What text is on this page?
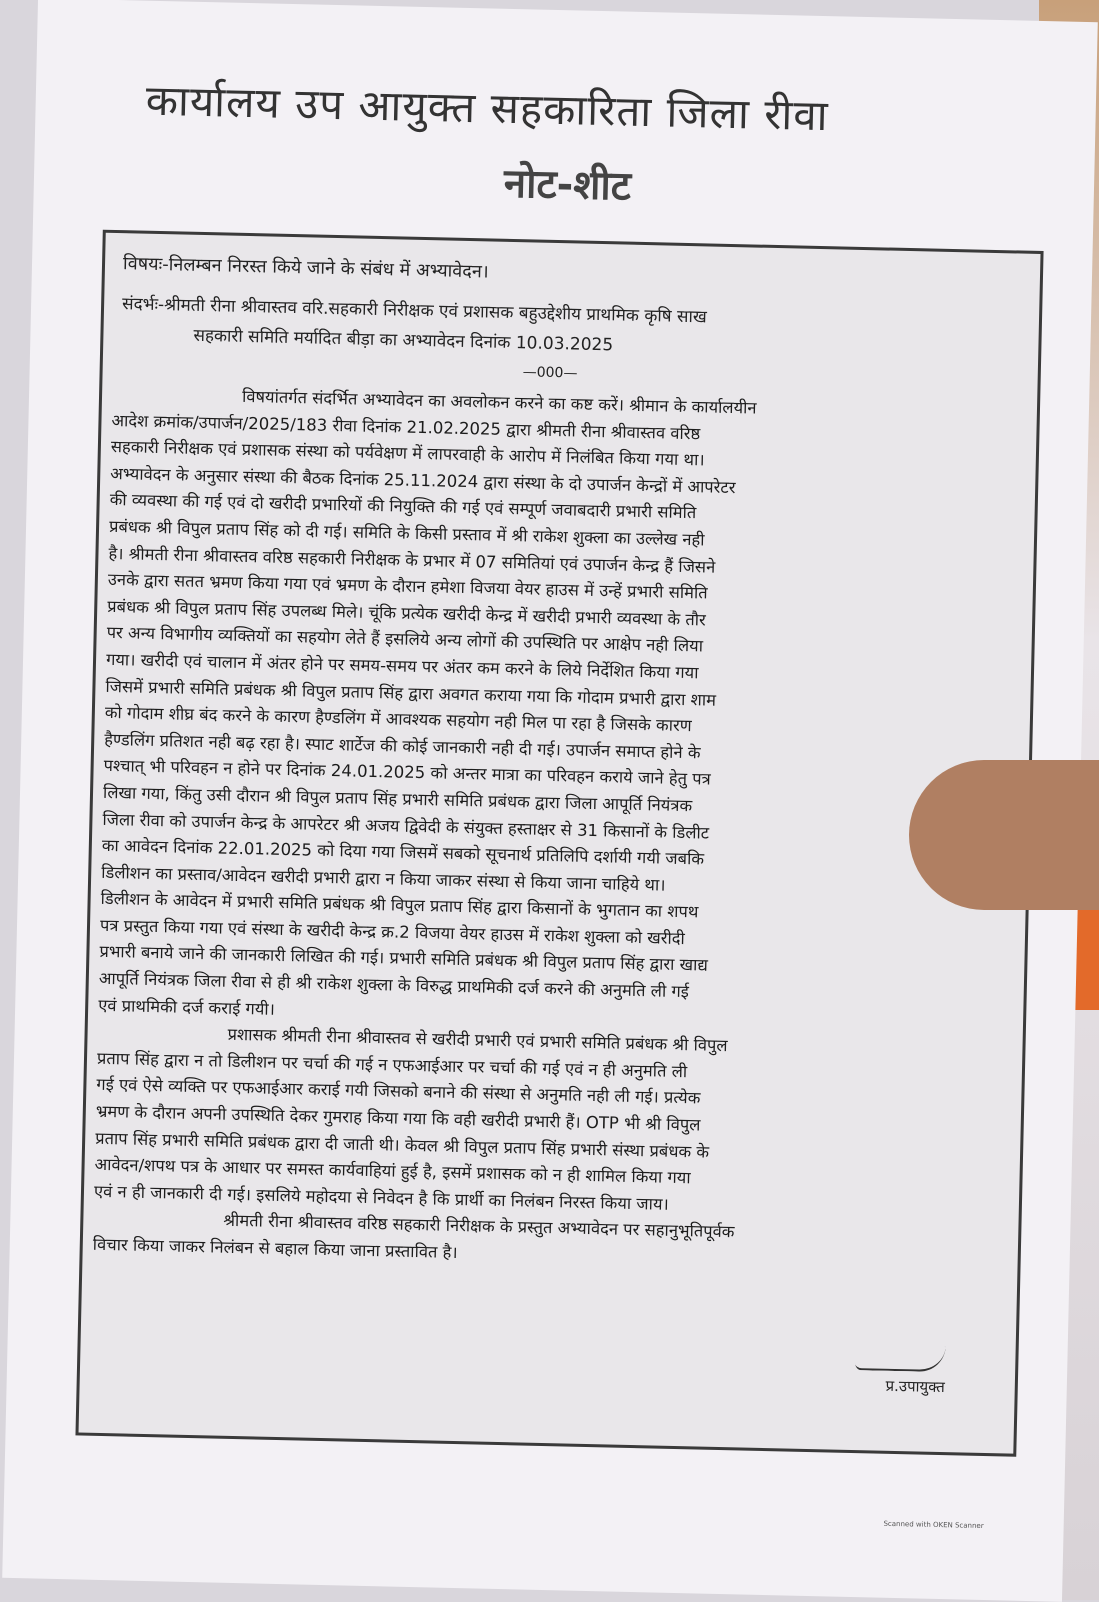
कार्यालय उप आयुक्त सहकारिता जिला रीवा
नोट-शीट
विषयः-निलम्बन निरस्त किये जाने के संबंध में अभ्यावेदन।
संदर्भः-श्रीमती रीना श्रीवास्तव वरि.सहकारी निरीक्षक एवं प्रशासक बहुउद्देशीय प्राथमिक कृषि साख
सहकारी समिति मर्यादित बीड़ा का अभ्यावेदन दिनांक 10.03.2025
—000—
विषयांतर्गत संदर्भित अभ्यावेदन का अवलोकन करने का कष्ट करें। श्रीमान के कार्यालयीन
आदेश क्रमांक/उपार्जन/2025/183 रीवा दिनांक 21.02.2025 द्वारा श्रीमती रीना श्रीवास्तव वरिष्ठ
सहकारी निरीक्षक एवं प्रशासक संस्था को पर्यवेक्षण में लापरवाही के आरोप में निलंबित किया गया था।
अभ्यावेदन के अनुसार संस्था की बैठक दिनांक 25.11.2024 द्वारा संस्था के दो उपार्जन केन्द्रों में आपरेटर
की व्यवस्था की गई एवं दो खरीदी प्रभारियों की नियुक्ति की गई एवं सम्पूर्ण जवाबदारी प्रभारी समिति
प्रबंधक श्री विपुल प्रताप सिंह को दी गई। समिति के किसी प्रस्ताव में श्री राकेश शुक्ला का उल्लेख नही
है। श्रीमती रीना श्रीवास्तव वरिष्ठ सहकारी निरीक्षक के प्रभार में 07 समितियां एवं उपार्जन केन्द्र हैं जिसने
उनके द्वारा सतत भ्रमण किया गया एवं भ्रमण के दौरान हमेशा विजया वेयर हाउस में उन्हें प्रभारी समिति
प्रबंधक श्री विपुल प्रताप सिंह उपलब्ध मिले। चूंकि प्रत्येक खरीदी केन्द्र में खरीदी प्रभारी व्यवस्था के तौर
पर अन्य विभागीय व्यक्तियों का सहयोग लेते हैं इसलिये अन्य लोगों की उपस्थिति पर आक्षेप नही लिया
गया। खरीदी एवं चालान में अंतर होने पर समय-समय पर अंतर कम करने के लिये निर्देशित किया गया
जिसमें प्रभारी समिति प्रबंधक श्री विपुल प्रताप सिंह द्वारा अवगत कराया गया कि गोदाम प्रभारी द्वारा शाम
को गोदाम शीघ्र बंद करने के कारण हैण्डलिंग में आवश्यक सहयोग नही मिल पा रहा है जिसके कारण
हैण्डलिंग प्रतिशत नही बढ़ रहा है। स्पाट शार्टेज की कोई जानकारी नही दी गई। उपार्जन समाप्त होने के
पश्चात् भी परिवहन न होने पर दिनांक 24.01.2025 को अन्तर मात्रा का परिवहन कराये जाने हेतु पत्र
लिखा गया, किंतु उसी दौरान श्री विपुल प्रताप सिंह प्रभारी समिति प्रबंधक द्वारा जिला आपूर्ति नियंत्रक
जिला रीवा को उपार्जन केन्द्र के आपरेटर श्री अजय द्विवेदी के संयुक्त हस्ताक्षर से 31 किसानों के डिलीट
का आवेदन दिनांक 22.01.2025 को दिया गया जिसमें सबको सूचनार्थ प्रतिलिपि दर्शायी गयी जबकि
डिलीशन का प्रस्ताव/आवेदन खरीदी प्रभारी द्वारा न किया जाकर संस्था से किया जाना चाहिये था।
डिलीशन के आवेदन में प्रभारी समिति प्रबंधक श्री विपुल प्रताप सिंह द्वारा किसानों के भुगतान का शपथ
पत्र प्रस्तुत किया गया एवं संस्था के खरीदी केन्द्र क्र.2 विजया वेयर हाउस में राकेश शुक्ला को खरीदी
प्रभारी बनाये जाने की जानकारी लिखित की गई। प्रभारी समिति प्रबंधक श्री विपुल प्रताप सिंह द्वारा खाद्य
आपूर्ति नियंत्रक जिला रीवा से ही श्री राकेश शुक्ला के विरुद्ध प्राथमिकी दर्ज करने की अनुमति ली गई
एवं प्राथमिकी दर्ज कराई गयी।
प्रशासक श्रीमती रीना श्रीवास्तव से खरीदी प्रभारी एवं प्रभारी समिति प्रबंधक श्री विपुल
प्रताप सिंह द्वारा न तो डिलीशन पर चर्चा की गई न एफआईआर पर चर्चा की गई एवं न ही अनुमति ली
गई एवं ऐसे व्यक्ति पर एफआईआर कराई गयी जिसको बनाने की संस्था से अनुमति नही ली गई। प्रत्येक
भ्रमण के दौरान अपनी उपस्थिति देकर गुमराह किया गया कि वही खरीदी प्रभारी हैं। OTP भी श्री विपुल
प्रताप सिंह प्रभारी समिति प्रबंधक द्वारा दी जाती थी। केवल श्री विपुल प्रताप सिंह प्रभारी संस्था प्रबंधक के
आवेदन/शपथ पत्र के आधार पर समस्त कार्यवाहियां हुई है, इसमें प्रशासक को न ही शामिल किया गया
एवं न ही जानकारी दी गई। इसलिये महोदया से निवेदन है कि प्रार्थी का निलंबन निरस्त किया जाय।
श्रीमती रीना श्रीवास्तव वरिष्ठ सहकारी निरीक्षक के प्रस्तुत अभ्यावेदन पर सहानुभूतिपूर्वक
विचार किया जाकर निलंबन से बहाल किया जाना प्रस्तावित है।
प्र.उपायुक्त
Scanned with OKEN Scanner
